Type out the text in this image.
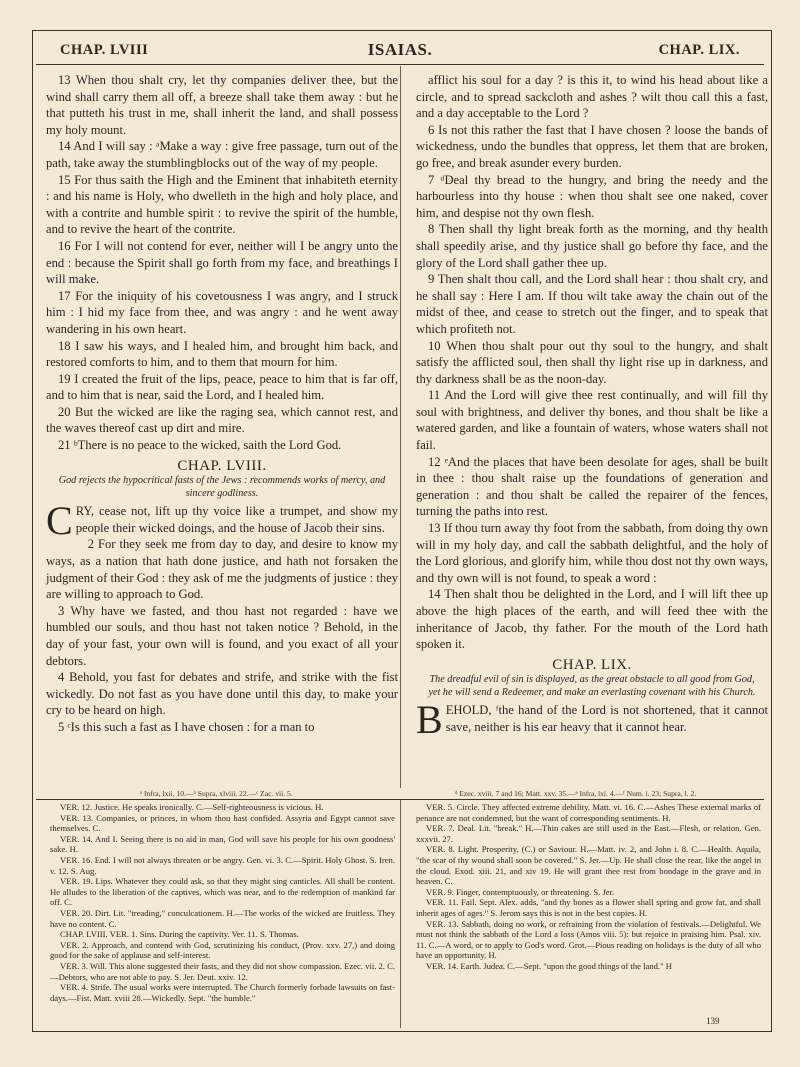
CHAP. LVIII	ISAIAS.	CHAP. LIX.

13 When thou shalt cry, let thy companies deliver thee, but the wind shall carry them all off, a breeze shall take them away : but he that putteth his trust in me, shall inherit the land, and shall possess my holy mount.

14 And I will say : ᵃMake a way : give free passage, turn out of the path, take away the stumblingblocks out of the way of my people.

15 For thus saith the High and the Eminent that inhabiteth eternity : and his name is Holy, who dwelleth in the high and holy place, and with a contrite and humble spirit : to revive the spirit of the humble, and to revive the heart of the contrite.

16 For I will not contend for ever, neither will I be angry unto the end : because the Spirit shall go forth from my face, and breathings I will make.

17 For the iniquity of his covetousness I was angry, and I struck him : I hid my face from thee, and was angry : and he went away wandering in his own heart.

18 I saw his ways, and I healed him, and brought him back, and restored comforts to him, and to them that mourn for him.

19 I created the fruit of the lips, peace, peace to him that is far off, and to him that is near, said the Lord, and I healed him.

20 But the wicked are like the raging sea, which cannot rest, and the waves thereof cast up dirt and mire.

21 ᵇThere is no peace to the wicked, saith the Lord God.

CHAP. LVIII.
God rejects the hypocritical fasts of the Jews : recommends works of mercy, and sincere godliness.

CRY, cease not, lift up thy voice like a trumpet, and show my people their wicked doings, and the house of Jacob their sins.

2 For they seek me from day to day, and desire to know my ways, as a nation that hath done justice, and hath not forsaken the judgment of their God : they ask of me the judgments of justice : they are willing to approach to God.

3 Why have we fasted, and thou hast not regarded : have we humbled our souls, and thou hast not taken notice ? Behold, in the day of your fast, your own will is found, and you exact of all your debtors.

4 Behold, you fast for debates and strife, and strike with the fist wickedly. Do not fast as you have done until this day, to make your cry to be heard on high.

5 ᶜIs this such a fast as I have chosen : for a man to

afflict his soul for a day ? is this it, to wind his head about like a circle, and to spread sackcloth and ashes ? wilt thou call this a fast, and a day acceptable to the Lord ?

6 Is not this rather the fast that I have chosen ? loose the bands of wickedness, undo the bundles that oppress, let them that are broken, go free, and break asunder every burden.

7 ᵈDeal thy bread to the hungry, and bring the needy and the harbourless into thy house : when thou shalt see one naked, cover him, and despise not thy own flesh.

8 Then shall thy light break forth as the morning, and thy health shall speedily arise, and thy justice shall go before thy face, and the glory of the Lord shall gather thee up.

9 Then shalt thou call, and the Lord shall hear : thou shalt cry, and he shall say : Here I am. If thou wilt take away the chain out of the midst of thee, and cease to stretch out the finger, and to speak that which profiteth not.

10 When thou shalt pour out thy soul to the hungry, and shalt satisfy the afflicted soul, then shall thy light rise up in darkness, and thy darkness shall be as the noon-day.

11 And the Lord will give thee rest continually, and will fill thy soul with brightness, and deliver thy bones, and thou shalt be like a watered garden, and like a fountain of waters, whose waters shall not fail.

12 ᵉAnd the places that have been desolate for ages, shall be built in thee : thou shalt raise up the foundations of generation and generation : and thou shalt be called the repairer of the fences, turning the paths into rest.

13 If thou turn away thy foot from the sabbath, from doing thy own will in my holy day, and call the sabbath delightful, and the holy of the Lord glorious, and glorify him, while thou dost not thy own ways, and thy own will is not found, to speak a word :

14 Then shalt thou be delighted in the Lord, and I will lift thee up above the high places of the earth, and will feed thee with the inheritance of Jacob, thy father. For the mouth of the Lord hath spoken it.

CHAP. LIX.
The dreadful evil of sin is displayed, as the great obstacle to all good from God, yet he will send a Redeemer, and make an everlasting covenant with his Church.

BEHOLD, ᶠthe hand of the Lord is not shortened, that it cannot save, neither is his ear heavy that it cannot hear.

ᵃ Infra, lxii. 10.—ᵇ Supra, xlviii. 22.—ᶜ Zac. vii. 5.	ᵈ Ezec. xviii. 7 and 16; Matt. xxv. 35.—ᵉ Infra, lxi. 4.—ᶠ Num. i. 23; Supra, l. 2.

VER. 12. Justice. He speaks ironically. C.—Self-righteousness is vicious. H.

VER. 13. Companies, or princes, in whom thou hast confided. Assyria and Egypt cannot save themselves. C.

VER. 14. And I. Seeing there is no aid in man, God will save his people for his own goodness' sake. H.

VER. 16. End. I will not always threaten or be angry. Gen. vi. 3. C.—Spirit. Holy Ghost. S. Iren. v. 12. S. Aug.

VER. 19. Lips. Whatever they could ask, so that they might sing canticles. All shall be content. He alludes to the liberation of the captives, which was near, and to the redemption of mankind far off. C.

VER. 20. Dirt. Lit. "treading," conculcationem. H.—The works of the wicked are fruitless. They have no content. C.

CHAP. LVIII. VER. 1. Sins. During the captivity. Ver. 11. S. Thomas.

VER. 2. Approach, and contend with God, scrutinizing his conduct, (Prov. xxv. 27,) and doing good for the sake of applause and self-interest.

VER. 3. Will. This alone suggested their fasts, and they did not show compassion. Ezec. vii. 2. C.—Debtors, who are not able to pay. S. Jer. Deut. xxiv. 12.

VER. 4. Strife. The usual works were interrupted. The Church formerly forbade lawsuits on fast-days.—Fist. Matt. xviii 28.—Wickedly. Sept. "the humble."

VER. 5. Circle. They affected extreme debility. Matt. vi. 16. C.—Ashes These external marks of penance are not condemned, but the want of corresponding sentiments. H.

VER. 7. Deal. Lit. "break." H.—Thin cakes are still used in the East.—Flesh, or relation. Gen. xxxvii. 27.

VER. 8. Light. Prosperity, (C.) or Saviour. H.—Matt. iv. 2, and John i. 8. C.—Health. Aquila, "the scar of thy wound shall soon be covered." S. Jer.—Up. He shall close the rear, like the angel in the cloud. Exod. xiii. 21, and xiv 19. He will grant thee rest from bondage in the grave and in heaven. C.

VER. 9. Finger, contemptuously, or threatening. S. Jer.

VER. 11. Fail. Sept. Alex. adds, "and thy bones as a flower shall spring and grow fat, and shall inherit ages of ages." S. Jerom says this is not in the best copies. H.

VER. 13. Sabbath, doing no work, or refraining from the violation of festivals.—Delightful. We must not think the sabbath of the Lord a loss (Amos viii. 5): but rejoice in praising him. Psal. xiv. 11. C.—A word, or to apply to God's word. Grot.—Pious reading on holidays is the duty of all who have an opportunity. H.

VER. 14. Earth. Judea. C.—Sept. "upon the good things of the land." H

139
